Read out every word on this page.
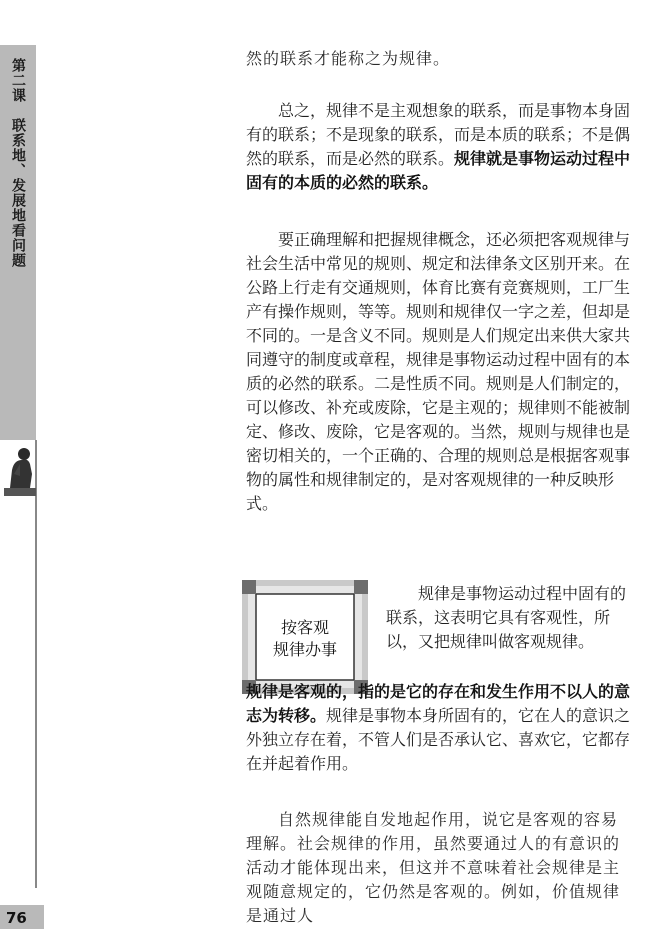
第二课　联系地、发展地看问题
76
然的联系才能称之为规律。
总之，规律不是主观想象的联系，而是事物本身固有的联系；不是现象的联系，而是本质的联系；不是偶然的联系，而是必然的联系。规律就是事物运动过程中固有的本质的必然的联系。
要正确理解和把握规律概念，还必须把客观规律与社会生活中常见的规则、规定和法律条文区别开来。在公路上行走有交通规则，体育比赛有竞赛规则，工厂生产有操作规则，等等。规则和规律仅一字之差，但却是不同的。一是含义不同。规则是人们规定出来供大家共同遵守的制度或章程，规律是事物运动过程中固有的本质的必然的联系。二是性质不同。规则是人们制定的，可以修改、补充或废除，它是主观的；规律则不能被制定、修改、废除，它是客观的。当然，规则与规律也是密切相关的，一个正确的、合理的规则总是根据客观事物的属性和规律制定的，是对客观规律的一种反映形式。
按客观
规律办事
规律是事物运动过程中固有的联系，这表明它具有客观性，所以，又把规律叫做客观规律。
规律是客观的，指的是它的存在和发生作用不以人的意志为转移。规律是事物本身所固有的，它在人的意识之外独立存在着，不管人们是否承认它、喜欢它，它都存在并起着作用。
自然规律能自发地起作用，说它是客观的容易理解。社会规律的作用，虽然要通过人的有意识的活动才能体现出来，但这并不意味着社会规律是主观随意规定的，它仍然是客观的。例如，价值规律是通过人
